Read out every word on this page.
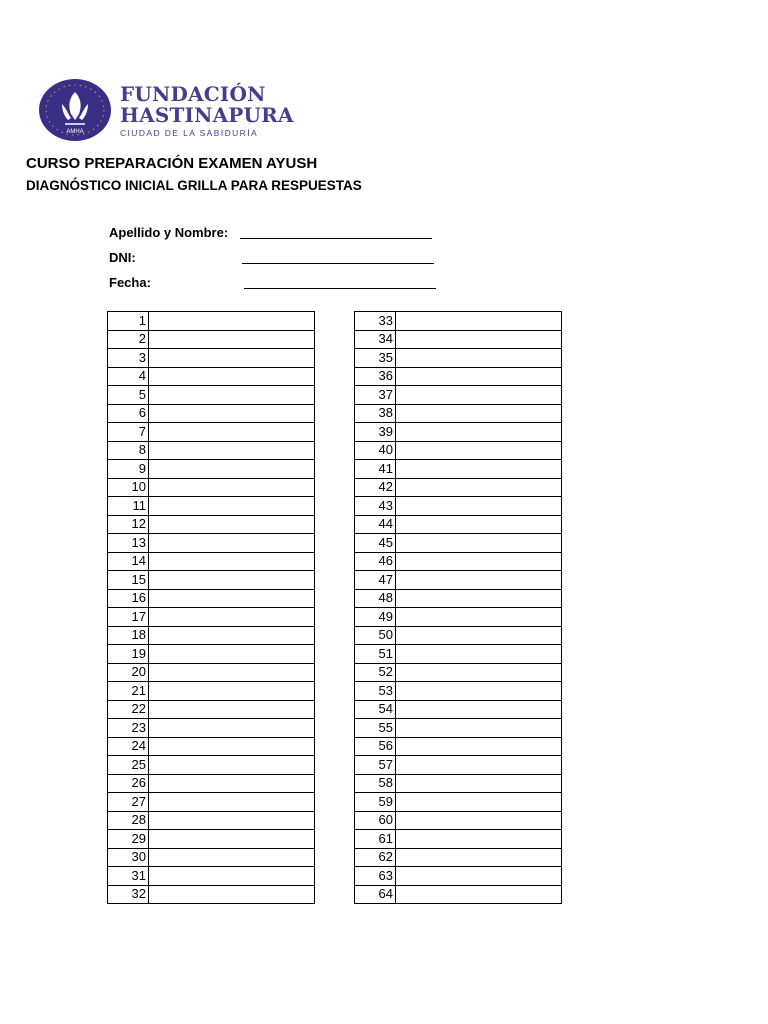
AMHA
FUNDACIÓN
HASTINAPURA
CIUDAD DE LA SABIDURÍA
CURSO PREPARACIÓN EXAMEN AYUSH
DIAGNÓSTICO INICIAL GRILLA PARA RESPUESTAS
Apellido y Nombre:
DNI:
Fecha:
1	
2	
3	
4	
5	
6	
7	
8	
9	
10	
11	
12	
13	
14	
15	
16	
17	
18	
19	
20	
21	
22	
23	
24	
25	
26	
27	
28	
29	
30	
31	
32	
33	
34	
35	
36	
37	
38	
39	
40	
41	
42	
43	
44	
45	
46	
47	
48	
49	
50	
51	
52	
53	
54	
55	
56	
57	
58	
59	
60	
61	
62	
63	
64	
